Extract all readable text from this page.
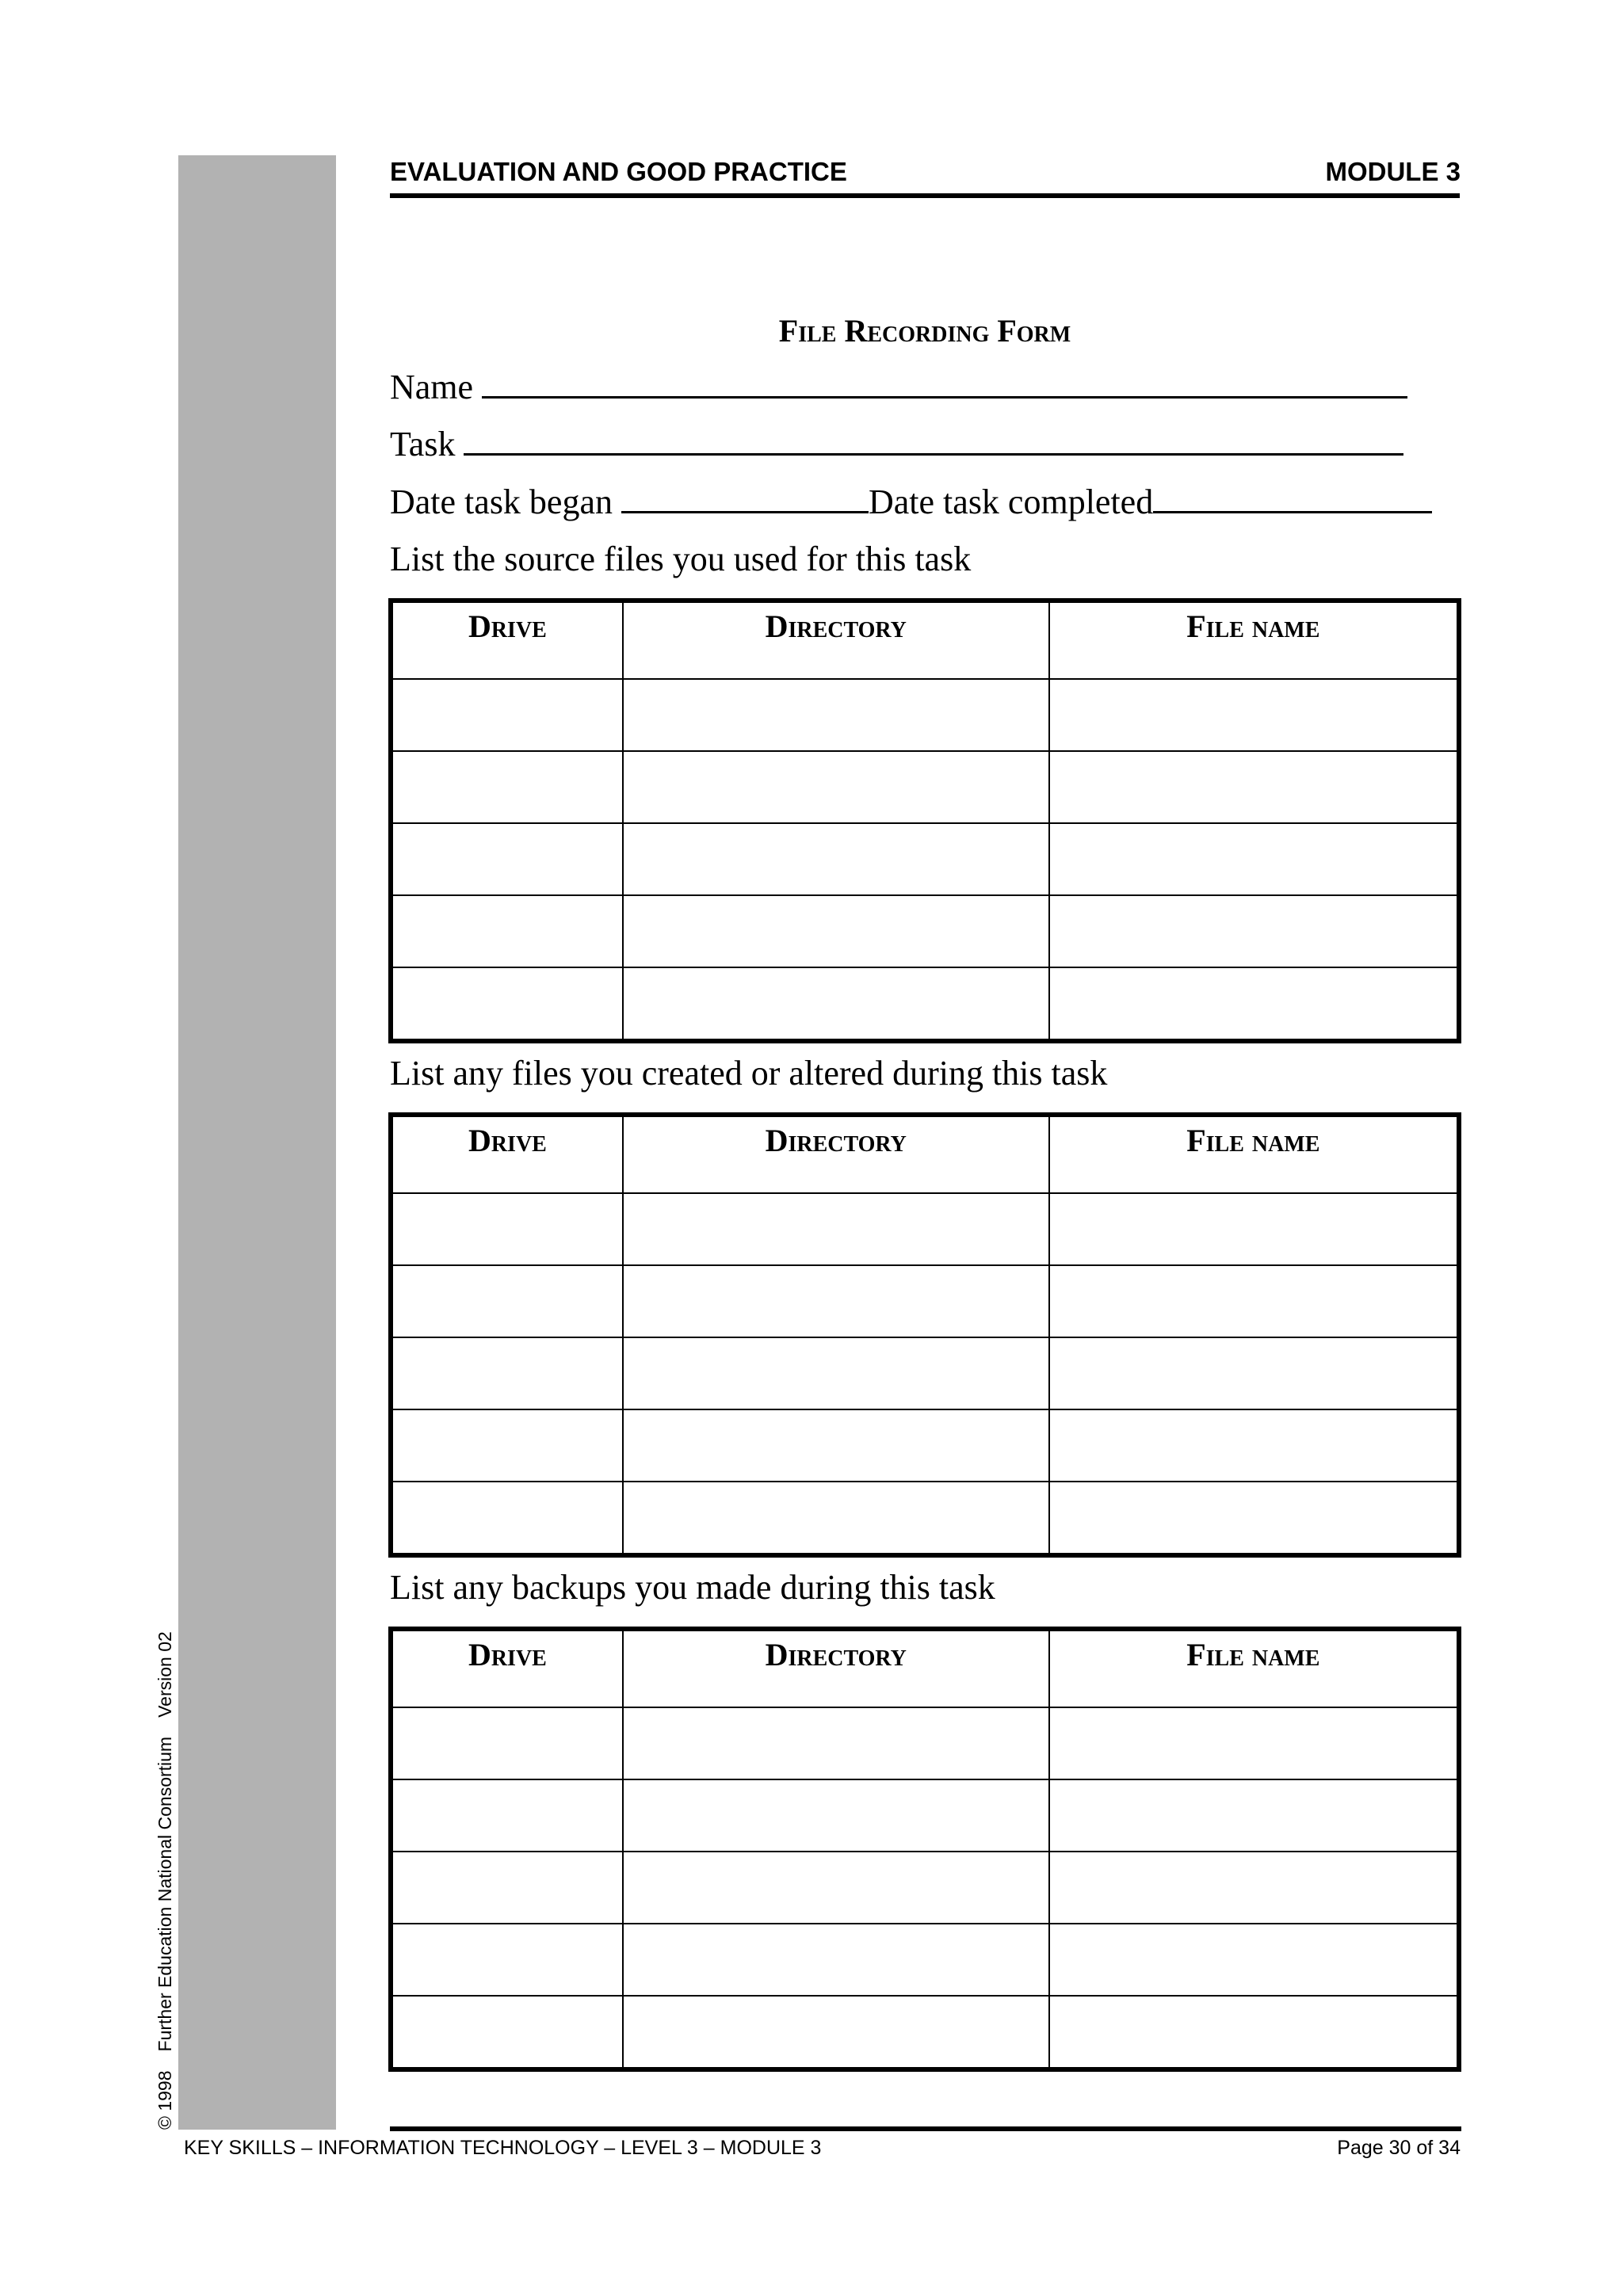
© 1998Further Education National ConsortiumVersion 02
EVALUATION AND GOOD PRACTICE	MODULE 3
File Recording Form
Name
Task
Date task began	Date task completed
List the source files you used for this task
Drive	Directory	File name

List any files you created or altered during this task
Drive	Directory	File name

List any backups you made during this task
Drive	Directory	File name

KEY SKILLS – INFORMATION TECHNOLOGY – LEVEL 3 – MODULE 3	Page 30 of 34
